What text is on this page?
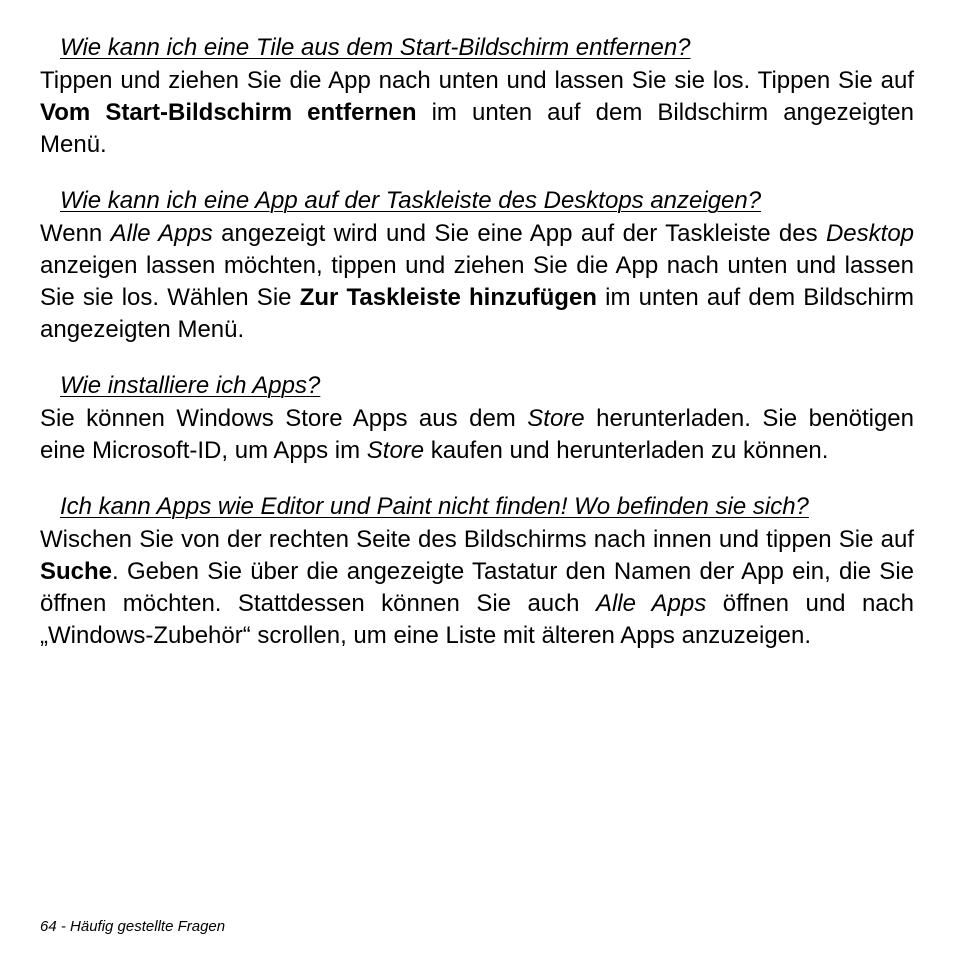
Wie kann ich eine Tile aus dem Start-Bildschirm entfernen?

Tippen und ziehen Sie die App nach unten und lassen Sie sie los. Tippen Sie auf Vom Start-Bildschirm entfernen im unten auf dem Bildschirm angezeigten Menü.

Wie kann ich eine App auf der Taskleiste des Desktops anzeigen?

Wenn Alle Apps angezeigt wird und Sie eine App auf der Taskleiste des Desktop anzeigen lassen möchten, tippen und ziehen Sie die App nach unten und lassen Sie sie los. Wählen Sie Zur Taskleiste hinzufügen im unten auf dem Bildschirm angezeigten Menü.

Wie installiere ich Apps?

Sie können Windows Store Apps aus dem Store herunterladen. Sie benötigen eine Microsoft-ID, um Apps im Store kaufen und herunterladen zu können.

Ich kann Apps wie Editor und Paint nicht finden! Wo befinden sie sich?

Wischen Sie von der rechten Seite des Bildschirms nach innen und tippen Sie auf Suche. Geben Sie über die angezeigte Tastatur den Namen der App ein, die Sie öffnen möchten. Stattdessen können Sie auch Alle Apps öffnen und nach „Windows-Zubehör“ scrollen, um eine Liste mit älteren Apps anzuzeigen.

64 - Häufig gestellte Fragen
